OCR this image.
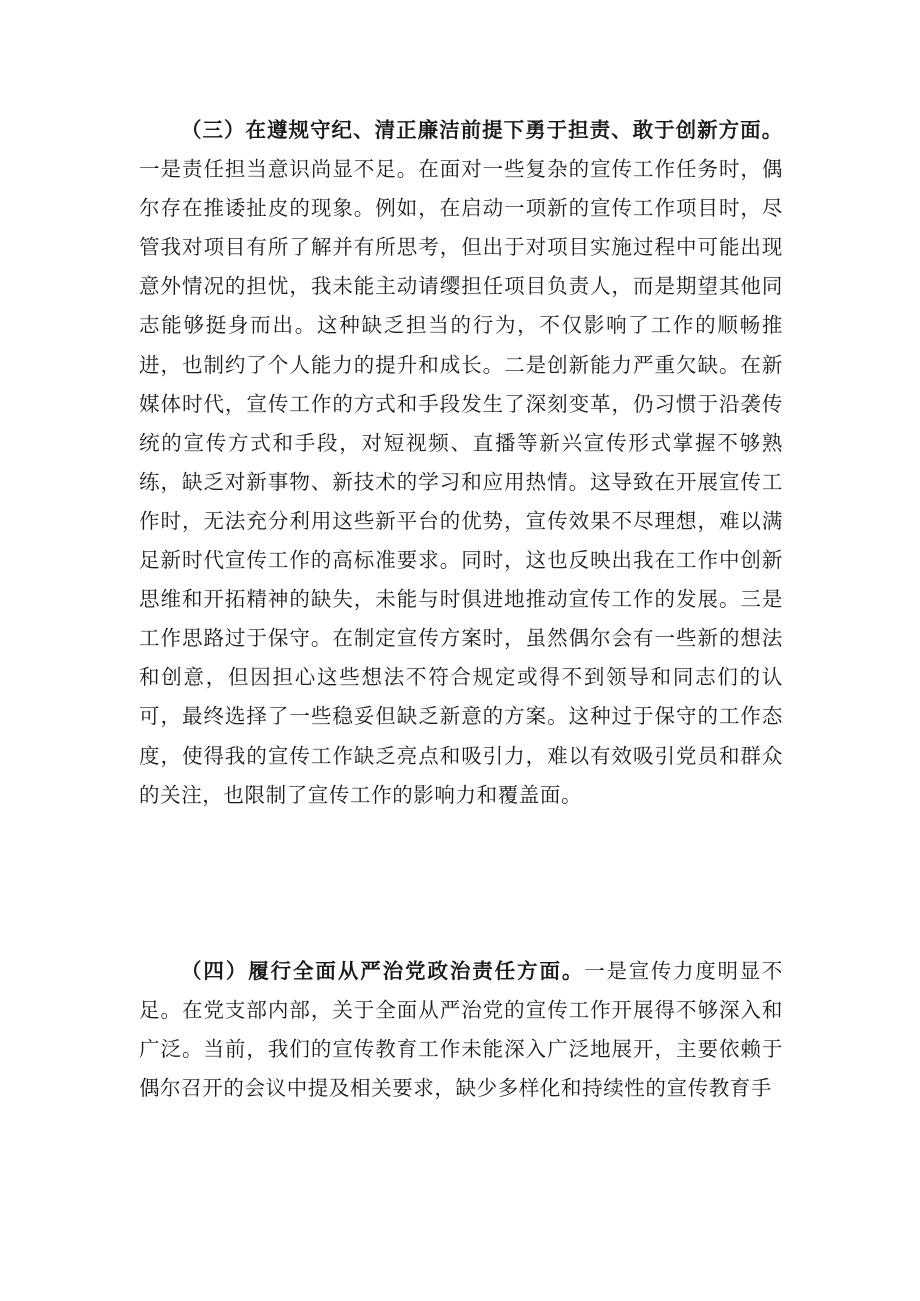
（三）在遵规守纪、清正廉洁前提下勇于担责、敢于创新方面。一是责任担当意识尚显不足。在面对一些复杂的宣传工作任务时，偶尔存在推诿扯皮的现象。例如，在启动一项新的宣传工作项目时，尽管我对项目有所了解并有所思考，但出于对项目实施过程中可能出现意外情况的担忧，我未能主动请缨担任项目负责人，而是期望其他同志能够挺身而出。这种缺乏担当的行为，不仅影响了工作的顺畅推进，也制约了个人能力的提升和成长。二是创新能力严重欠缺。在新媒体时代，宣传工作的方式和手段发生了深刻变革，仍习惯于沿袭传统的宣传方式和手段，对短视频、直播等新兴宣传形式掌握不够熟练，缺乏对新事物、新技术的学习和应用热情。这导致在开展宣传工作时，无法充分利用这些新平台的优势，宣传效果不尽理想，难以满足新时代宣传工作的高标准要求。同时，这也反映出我在工作中创新思维和开拓精神的缺失，未能与时俱进地推动宣传工作的发展。三是工作思路过于保守。在制定宣传方案时，虽然偶尔会有一些新的想法和创意，但因担心这些想法不符合规定或得不到领导和同志们的认可，最终选择了一些稳妥但缺乏新意的方案。这种过于保守的工作态度，使得我的宣传工作缺乏亮点和吸引力，难以有效吸引党员和群众的关注，也限制了宣传工作的影响力和覆盖面。

（四）履行全面从严治党政治责任方面。一是宣传力度明显不足。在党支部内部，关于全面从严治党的宣传工作开展得不够深入和广泛。当前，我们的宣传教育工作未能深入广泛地展开，主要依赖于偶尔召开的会议中提及相关要求，缺少多样化和持续性的宣传教育手
